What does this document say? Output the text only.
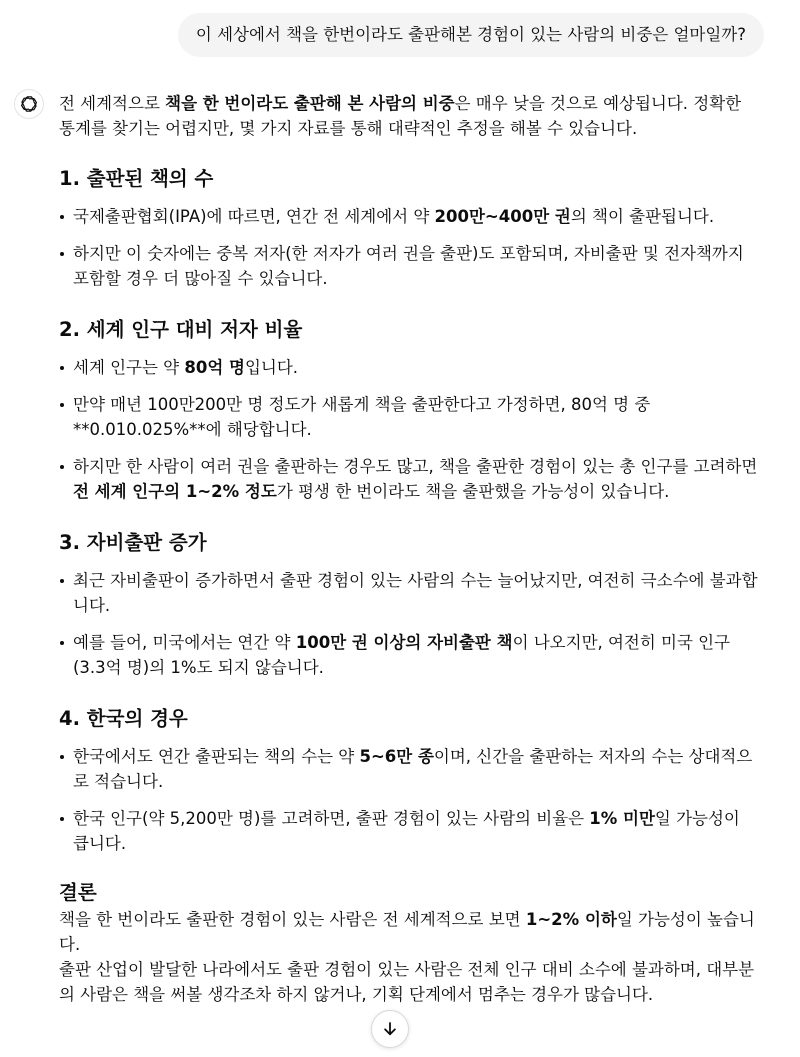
이 세상에서 책을 한번이라도 출판해본 경험이 있는 사람의 비중은 얼마일까?

전 세계적으로 책을 한 번이라도 출판해 본 사람의 비중은 매우 낮을 것으로 예상됩니다. 정확한 통계를 찾기는 어렵지만, 몇 가지 자료를 통해 대략적인 추정을 해볼 수 있습니다.

1. 출판된 책의 수
국제출판협회(IPA)에 따르면, 연간 전 세계에서 약 200만~400만 권의 책이 출판됩니다.
하지만 이 숫자에는 중복 저자(한 저자가 여러 권을 출판)도 포함되며, 자비출판 및 전자책까지 포함할 경우 더 많아질 수 있습니다.
2. 세계 인구 대비 저자 비율
세계 인구는 약 80억 명입니다.
만약 매년 100만200만 명 정도가 새롭게 책을 출판한다고 가정하면, 80억 명 중 **0.010.025%**에 해당합니다.
하지만 한 사람이 여러 권을 출판하는 경우도 많고, 책을 출판한 경험이 있는 총 인구를 고려하면 전 세계 인구의 1~2% 정도가 평생 한 번이라도 책을 출판했을 가능성이 있습니다.
3. 자비출판 증가
최근 자비출판이 증가하면서 출판 경험이 있는 사람의 수는 늘어났지만, 여전히 극소수에 불과합니다.
예를 들어, 미국에서는 연간 약 100만 권 이상의 자비출판 책이 나오지만, 여전히 미국 인구(3.3억 명)의 1%도 되지 않습니다.
4. 한국의 경우
한국에서도 연간 출판되는 책의 수는 약 5~6만 종이며, 신간을 출판하는 저자의 수는 상대적으로 적습니다.
한국 인구(약 5,200만 명)를 고려하면, 출판 경험이 있는 사람의 비율은 1% 미만일 가능성이 큽니다.
결론

책을 한 번이라도 출판한 경험이 있는 사람은 전 세계적으로 보면 1~2% 이하일 가능성이 높습니다.

출판 산업이 발달한 나라에서도 출판 경험이 있는 사람은 전체 인구 대비 소수에 불과하며, 대부분의 사람은 책을 써볼 생각조차 하지 않거나, 기획 단계에서 멈추는 경우가 많습니다.
